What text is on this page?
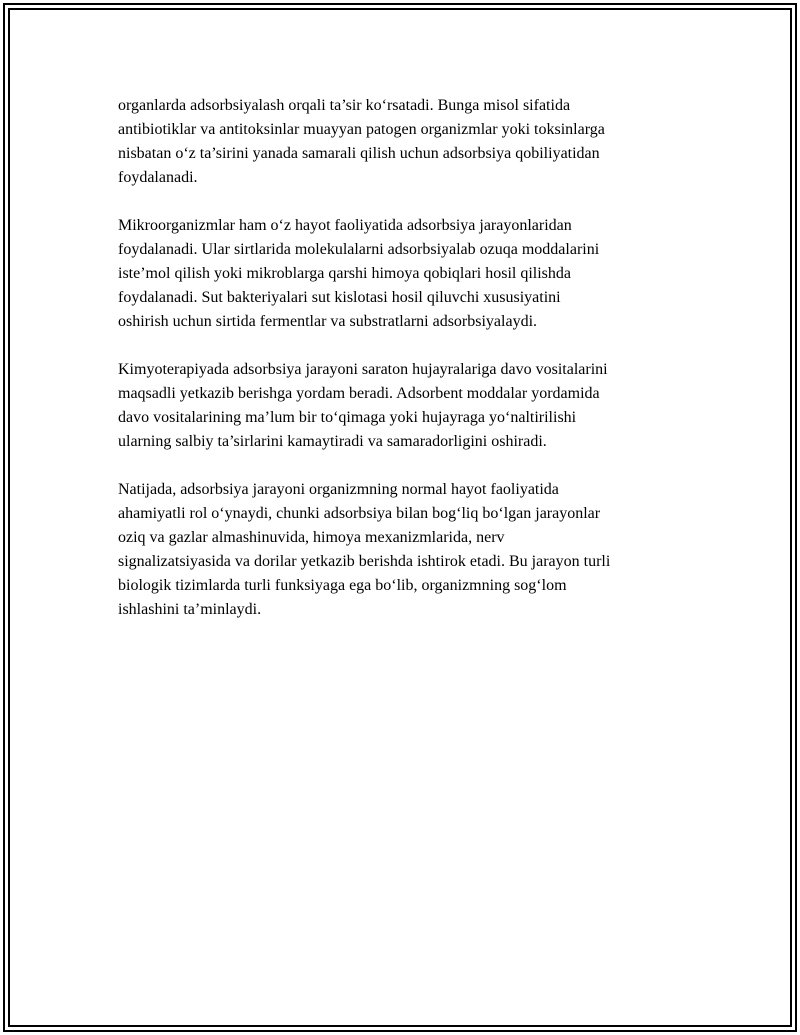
organlarda adsorbsiyalash orqali ta’sir ko‘rsatadi. Bunga misol sifatida
antibiotiklar va antitoksinlar muayyan patogen organizmlar yoki toksinlarga
nisbatan o‘z ta’sirini yanada samarali qilish uchun adsorbsiya qobiliyatidan
foydalanadi.

Mikroorganizmlar ham o‘z hayot faoliyatida adsorbsiya jarayonlaridan
foydalanadi. Ular sirtlarida molekulalarni adsorbsiyalab ozuqa moddalarini
iste’mol qilish yoki mikroblarga qarshi himoya qobiqlari hosil qilishda
foydalanadi. Sut bakteriyalari sut kislotasi hosil qiluvchi xususiyatini
oshirish uchun sirtida fermentlar va substratlarni adsorbsiyalaydi.

Kimyoterapiyada adsorbsiya jarayoni saraton hujayralariga davo vositalarini
maqsadli yetkazib berishga yordam beradi. Adsorbent moddalar yordamida
davo vositalarining ma’lum bir to‘qimaga yoki hujayraga yo‘naltirilishi
ularning salbiy ta’sirlarini kamaytiradi va samaradorligini oshiradi.

Natijada, adsorbsiya jarayoni organizmning normal hayot faoliyatida
ahamiyatli rol o‘ynaydi, chunki adsorbsiya bilan bog‘liq bo‘lgan jarayonlar
oziq va gazlar almashinuvida, himoya mexanizmlarida, nerv
signalizatsiyasida va dorilar yetkazib berishda ishtirok etadi. Bu jarayon turli
biologik tizimlarda turli funksiyaga ega bo‘lib, organizmning sog‘lom
ishlashini ta’minlaydi.
